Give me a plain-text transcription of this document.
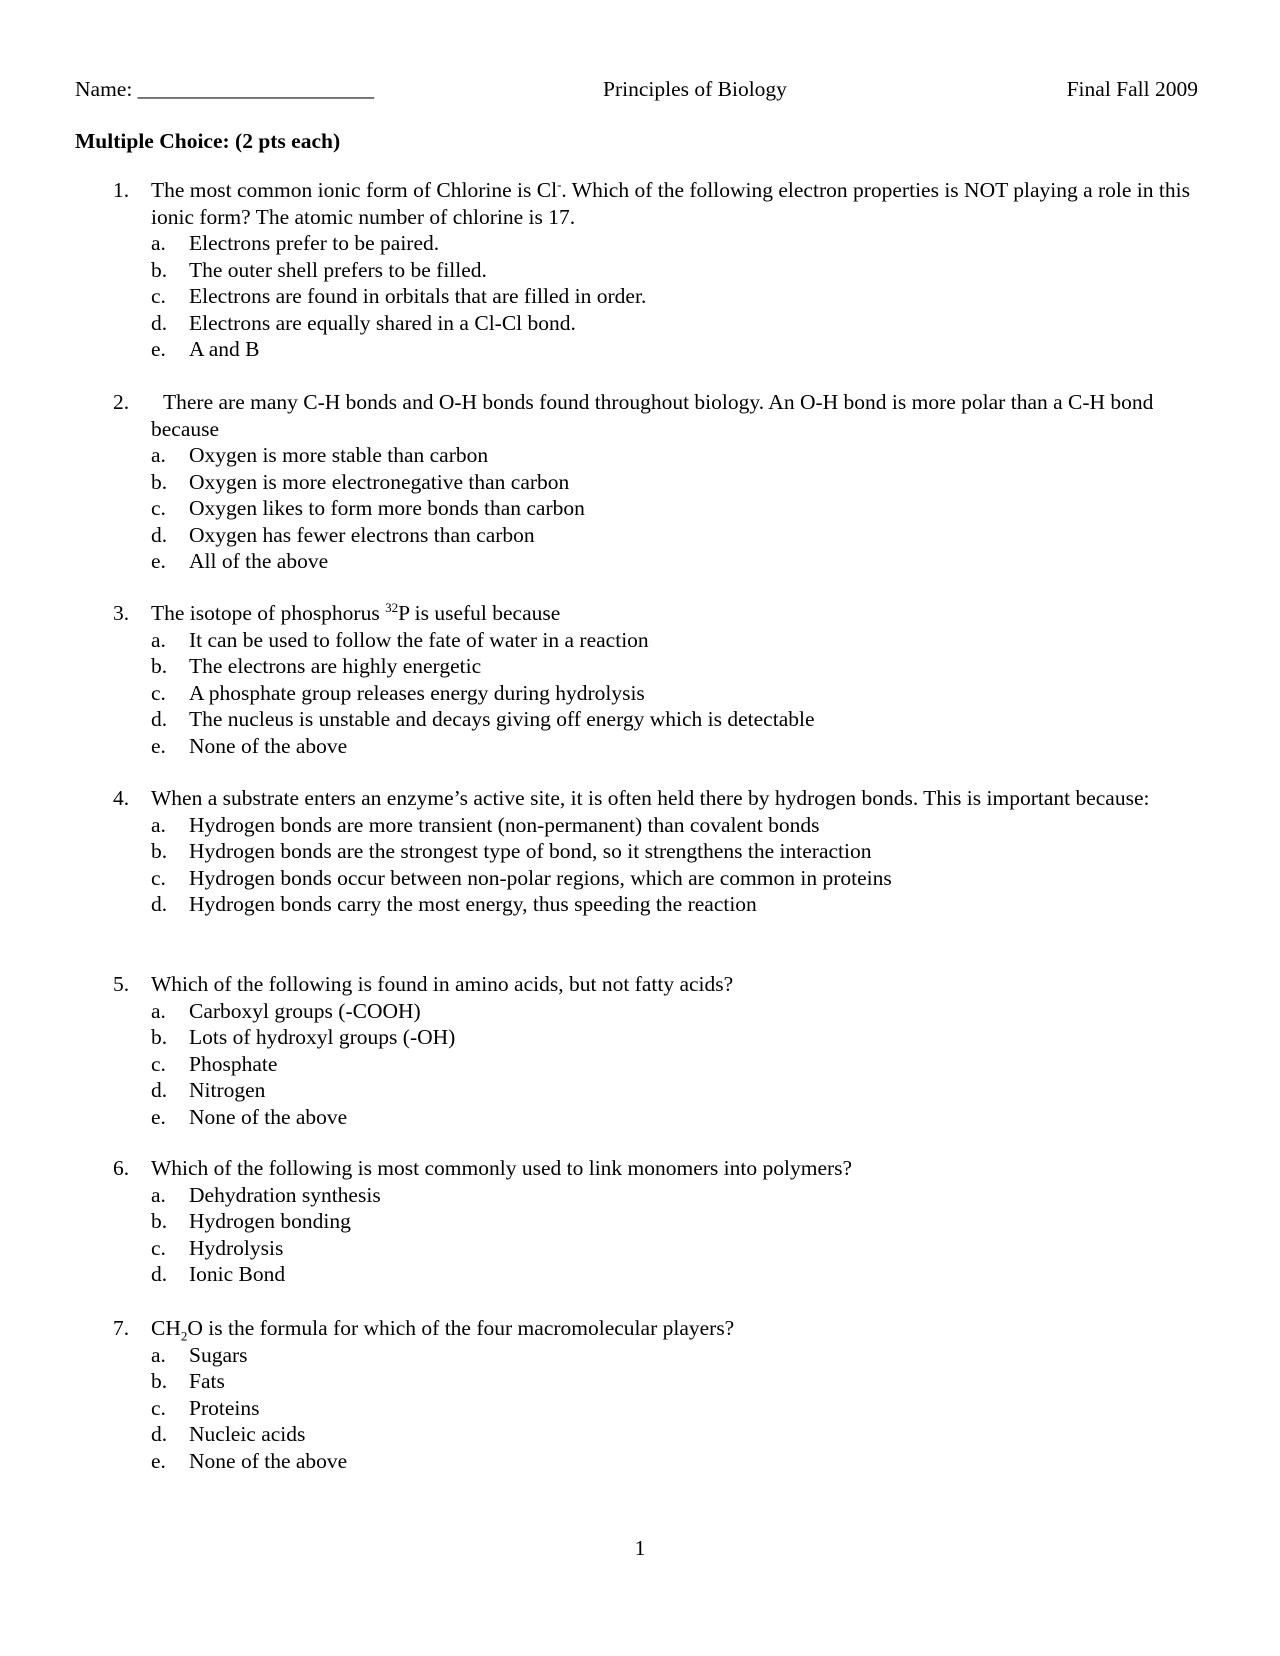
Name: ______________________	Principles of Biology	Final Fall 2009
Multiple Choice: (2 pts each)
1. The most common ionic form of Chlorine is Cl-. Which of the following electron properties is NOT playing a role in this ionic form? The atomic number of chlorine is 17.
a. Electrons prefer to be paired.
b. The outer shell prefers to be filled.
c. Electrons are found in orbitals that are filled in order.
d. Electrons are equally shared in a Cl-Cl bond.
e. A and B
2.	There are many C-H bonds and O-H bonds found throughout biology. An O-H bond is more polar than a C-H bond because
a. Oxygen is more stable than carbon
b. Oxygen is more electronegative than carbon
c. Oxygen likes to form more bonds than carbon
d. Oxygen has fewer electrons than carbon
e. All of the above
3. The isotope of phosphorus $^{32}$P is useful because
a. It can be used to follow the fate of water in a reaction
b. The electrons are highly energetic
c. A phosphate group releases energy during hydrolysis
d. The nucleus is unstable and decays giving off energy which is detectable
e. None of the above
4. When a substrate enters an enzyme’s active site, it is often held there by hydrogen bonds. This is important because:
a. Hydrogen bonds are more transient (non-permanent) than covalent bonds
b. Hydrogen bonds are the strongest type of bond, so it strengthens the interaction
c. Hydrogen bonds occur between non-polar regions, which are common in proteins
d. Hydrogen bonds carry the most energy, thus speeding the reaction
5. Which of the following is found in amino acids, but not fatty acids?
a. Carboxyl groups (-COOH)
b. Lots of hydroxyl groups (-OH)
c. Phosphate
d. Nitrogen
e. None of the above
6. Which of the following is most commonly used to link monomers into polymers?
a. Dehydration synthesis
b. Hydrogen bonding
c. Hydrolysis
d. Ionic Bond
7. $CH_2O$ is the formula for which of the four macromolecular players?
a. Sugars
b. Fats
c. Proteins
d. Nucleic acids
e. None of the above
1
